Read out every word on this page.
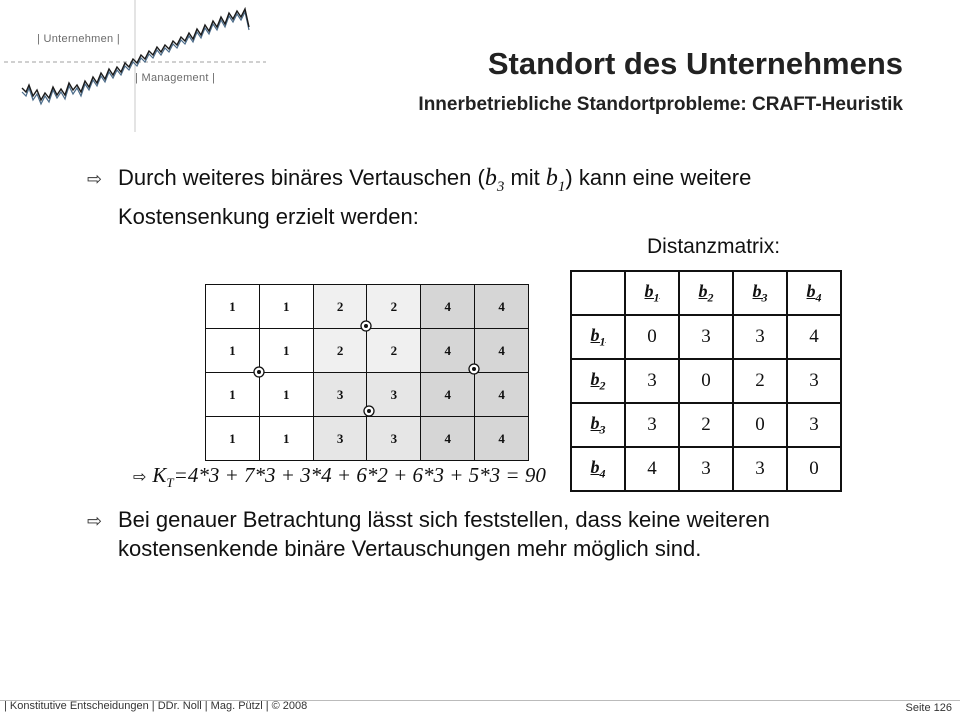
| Unternehmen |
| Management |	Standort des Unternehmens
Innerbetriebliche Standortprobleme: CRAFT-Heuristik
⇨ Durch weiteres binäres Vertauschen ($b_3$ mit $b_1$) kann eine weitere Kostensenkung erzielt werden:
1	1	2	2	4	4
1	1	2	2	4	4
1	1	3	3	4	4
1	1	3	3	4	4
Distanzmatrix:
	$b_1$	$b_2$	$b_3$	$b_4$
$b_1$	0	3	3	4
$b_2$	3	0	2	3
$b_3$	3	2	0	3
$b_4$	4	3	3	0
⇨ $K_T=4*3 + 7*3 + 3*4 + 6*2 + 6*3 + 5*3 = 90$
⇨ Bei genauer Betrachtung lässt sich feststellen, dass keine weiteren kostensenkende binäre Vertauschungen mehr möglich sind.
| Konstitutive Entscheidungen | DDr. Noll | Mag. Pützl | © 2008	Seite 126
